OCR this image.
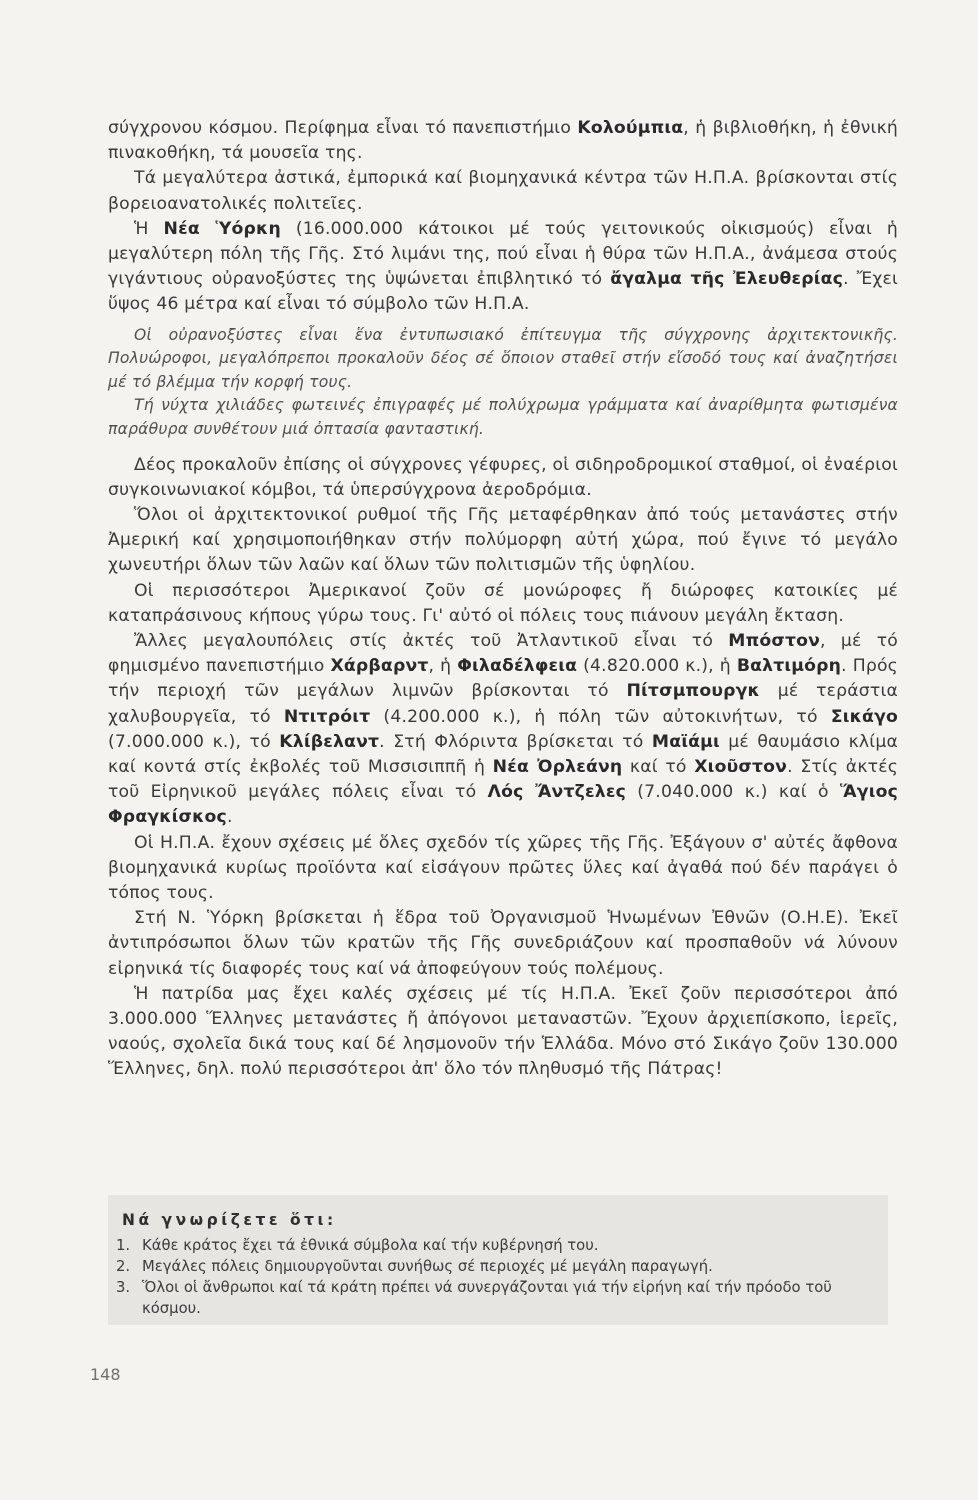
σύγχρονου κόσμου. Περίφημα εἶναι τό πανεπιστήμιο Κολούμπια, ἡ βιβλιοθήκη, ἡ ἐθνική πινακοθήκη, τά μουσεῖα της.

Τά μεγαλύτερα ἀστικά, ἐμπορικά καί βιομηχανικά κέντρα τῶν Η.Π.Α. βρίσκονται στίς βορειοανατολικές πολιτεῖες.

Ἡ Νέα Ὑόρκη (16.000.000 κάτοικοι μέ τούς γειτονικούς οἰκισμούς) εἶναι ἡ μεγαλύτερη πόλη τῆς Γῆς. Στό λιμάνι της, πού εἶναι ἡ θύρα τῶν Η.Π.Α., ἀνάμεσα στούς γιγάντιους οὐρανοξύστες της ὑψώνεται ἐπιβλητικό τό ἄγαλμα τῆς Ἐλευθερίας. Ἔχει ὕψος 46 μέτρα καί εἶναι τό σύμβολο τῶν Η.Π.Α.

Οἱ οὐρανοξύστες εἶναι ἕνα ἐντυπωσιακό ἐπίτευγμα τῆς σύγχρονης ἀρχιτεκτονικῆς. Πολυώροφοι, μεγαλόπρεποι προκαλοῦν δέος σέ ὅποιον σταθεῖ στήν εἴσοδό τους καί ἀναζητήσει μέ τό βλέμμα τήν κορφή τους.

Τή νύχτα χιλιάδες φωτεινές ἐπιγραφές μέ πολύχρωμα γράμματα καί ἀναρίθμητα φωτισμένα παράθυρα συνθέτουν μιά ὀπτασία φανταστική.

Δέος προκαλοῦν ἐπίσης οἱ σύγχρονες γέφυρες, οἱ σιδηροδρομικοί σταθμοί, οἱ ἐναέριοι συγκοινωνιακοί κόμβοι, τά ὑπερσύγχρονα ἀεροδρόμια.

Ὅλοι οἱ ἀρχιτεκτονικοί ρυθμοί τῆς Γῆς μεταφέρθηκαν ἀπό τούς μετανάστες στήν Ἀμερική καί χρησιμοποιήθηκαν στήν πολύμορφη αὐτή χώρα, πού ἔγινε τό μεγάλο χωνευτήρι ὅλων τῶν λαῶν καί ὅλων τῶν πολιτισμῶν τῆς ὑφηλίου.

Οἱ περισσότεροι Ἀμερικανοί ζοῦν σέ μονώροφες ἤ διώροφες κατοικίες μέ καταπράσινους κήπους γύρω τους. Γι' αὐτό οἱ πόλεις τους πιάνουν μεγάλη ἔκταση.

Ἄλλες μεγαλουπόλεις στίς ἀκτές τοῦ Ἀτλαντικοῦ εἶναι τό Μπόστον, μέ τό φημισμένο πανεπιστήμιο Χάρβαρντ, ἡ Φιλαδέλφεια (4.820.000 κ.), ἡ Βαλτιμόρη. Πρός τήν περιοχή τῶν μεγάλων λιμνῶν βρίσκονται τό Πίτσμπουργκ μέ τεράστια χαλυβουργεῖα, τό Ντιτρόιτ (4.200.000 κ.), ἡ πόλη τῶν αὐτοκινήτων, τό Σικάγο (7.000.000 κ.), τό Κλίβελαντ. Στή Φλόριντα βρίσκεται τό Μαϊάμι μέ θαυμάσιο κλίμα καί κοντά στίς ἐκβολές τοῦ Μισσισιππῆ ἡ Νέα Ὀρλεάνη καί τό Χιοῦστον. Στίς ἀκτές τοῦ Εἰρηνικοῦ μεγάλες πόλεις εἶναι τό Λός Ἄντζελες (7.040.000 κ.) καί ὁ Ἅγιος Φραγκίσκος.

Οἱ Η.Π.Α. ἔχουν σχέσεις μέ ὅλες σχεδόν τίς χῶρες τῆς Γῆς. Ἐξάγουν σ' αὐτές ἄφθονα βιομηχανικά κυρίως προϊόντα καί εἰσάγουν πρῶτες ὕλες καί ἀγαθά πού δέν παράγει ὁ τόπος τους.

Στή Ν. Ὑόρκη βρίσκεται ἡ ἕδρα τοῦ Ὀργανισμοῦ Ἡνωμένων Ἐθνῶν (Ο.Η.Ε). Ἐκεῖ ἀντιπρόσωποι ὅλων τῶν κρατῶν τῆς Γῆς συνεδριάζουν καί προσπαθοῦν νά λύνουν εἰρηνικά τίς διαφορές τους καί νά ἀποφεύγουν τούς πολέμους.

Ἡ πατρίδα μας ἔχει καλές σχέσεις μέ τίς Η.Π.Α. Ἐκεῖ ζοῦν περισσότεροι ἀπό 3.000.000 Ἕλληνες μετανάστες ἤ ἀπόγονοι μεταναστῶν. Ἔχουν ἀρχιεπίσκοπο, ἱερεῖς, ναούς, σχολεῖα δικά τους καί δέ λησμονοῦν τήν Ἑλλάδα. Μόνο στό Σικάγο ζοῦν 130.000 Ἕλληνες, δηλ. πολύ περισσότεροι ἀπ' ὅλο τόν πληθυσμό τῆς Πάτρας!

Νά γνωρίζετε ὅτι:
1. Κάθε κράτος ἔχει τά ἐθνικά σύμβολα καί τήν κυβέρνησή του.
2. Μεγάλες πόλεις δημιουργοῦνται συνήθως σέ περιοχές μέ μεγάλη παραγωγή.
3. Ὅλοι οἱ ἄνθρωποι καί τά κράτη πρέπει νά συνεργάζονται γιά τήν εἰρήνη καί τήν πρόοδο τοῦ κόσμου.
148
